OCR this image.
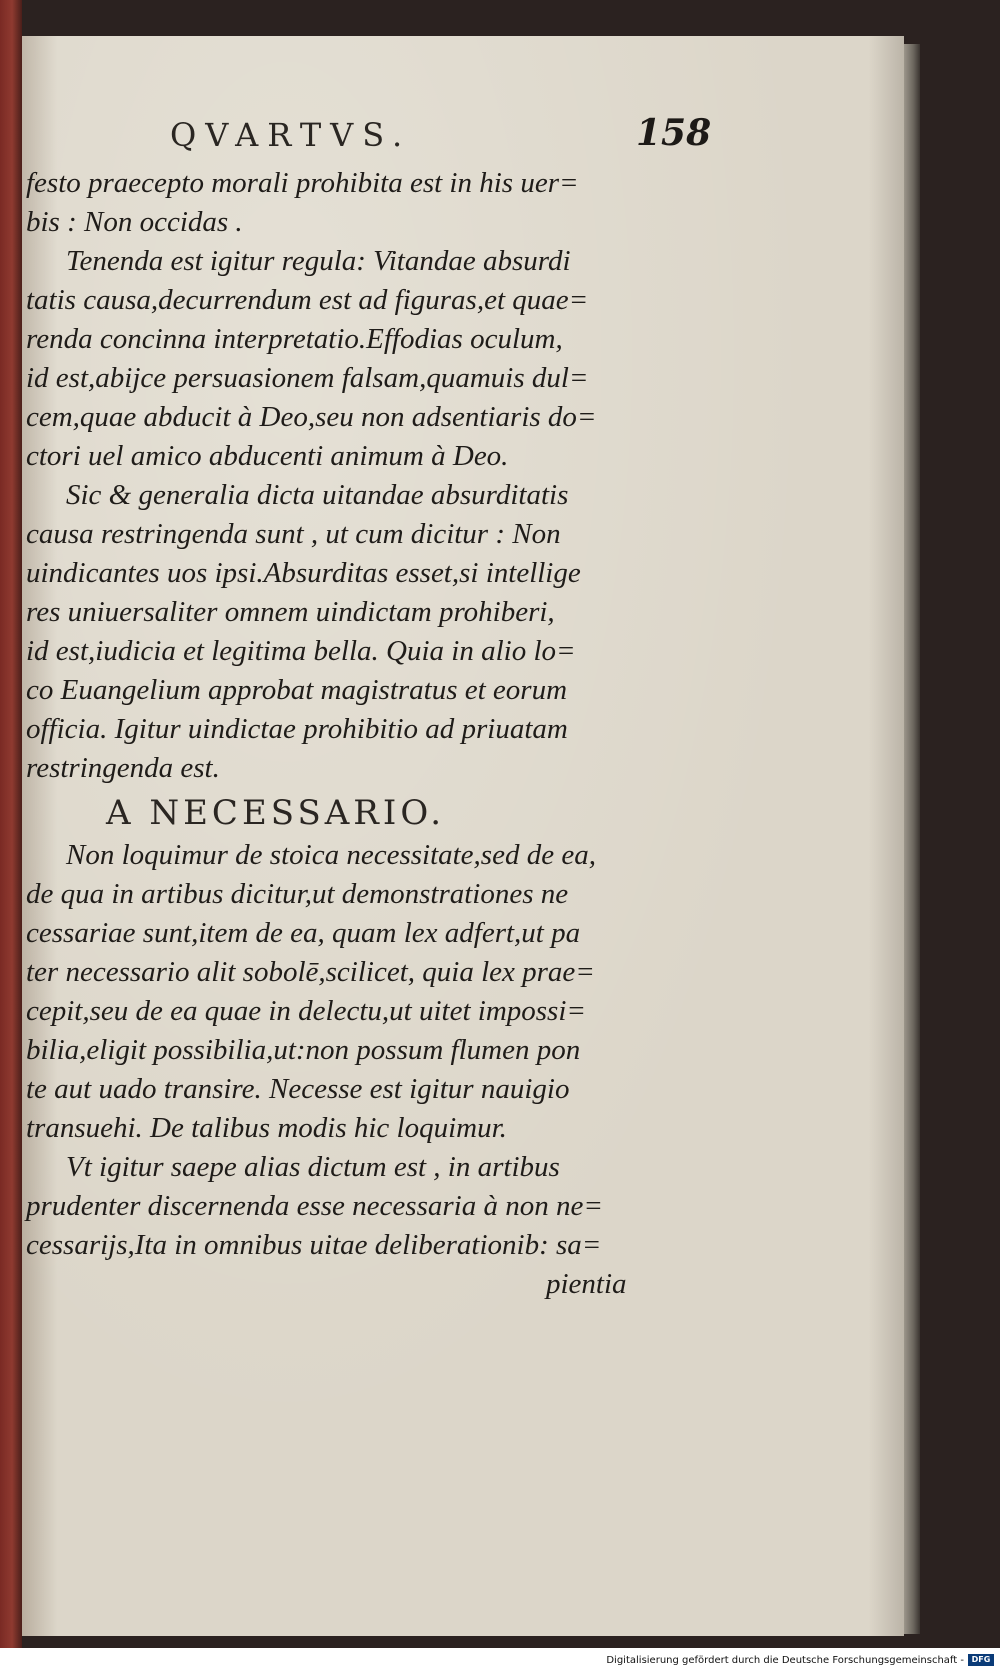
QVARTVS.	158
festo praecepto morali prohibita est in his uer=
bis : Non occidas .
Tenenda est igitur regula: Vitandae absurdi
tatis causa,decurrendum est ad figuras,et quae=
renda concinna interpretatio.Effodias oculum,
id est,abijce persuasionem falsam,quamuis dul=
cem,quae abducit à Deo,seu non adsentiaris do=
ctori uel amico abducenti animum à Deo.
Sic & generalia dicta uitandae absurditatis
causa restringenda sunt , ut cum dicitur : Non
uindicantes uos ipsi.Absurditas esset,si intellige
res uniuersaliter omnem uindictam prohiberi,
id est,iudicia et legitima bella. Quia in alio lo=
co Euangelium approbat magistratus et eorum
officia. Igitur uindictae prohibitio ad priuatam
restringenda est.
A NECESSARIO.
Non loquimur de stoica necessitate,sed de ea,
de qua in artibus dicitur,ut demonstrationes ne
cessariae sunt,item de ea, quam lex adfert,ut pa
ter necessario alit sobolē,scilicet, quia lex prae=
cepit,seu de ea quae in delectu,ut uitet impossi=
bilia,eligit possibilia,ut:non possum flumen pon
te aut uado transire. Necesse est igitur nauigio
transuehi. De talibus modis hic loquimur.
Vt igitur saepe alias dictum est , in artibus
prudenter discernenda esse necessaria à non ne=
cessarijs,Ita in omnibus uitae deliberationib: sa=
pientia
Digitalisierung gefördert durch die Deutsche Forschungsgemeinschaft - DFG
